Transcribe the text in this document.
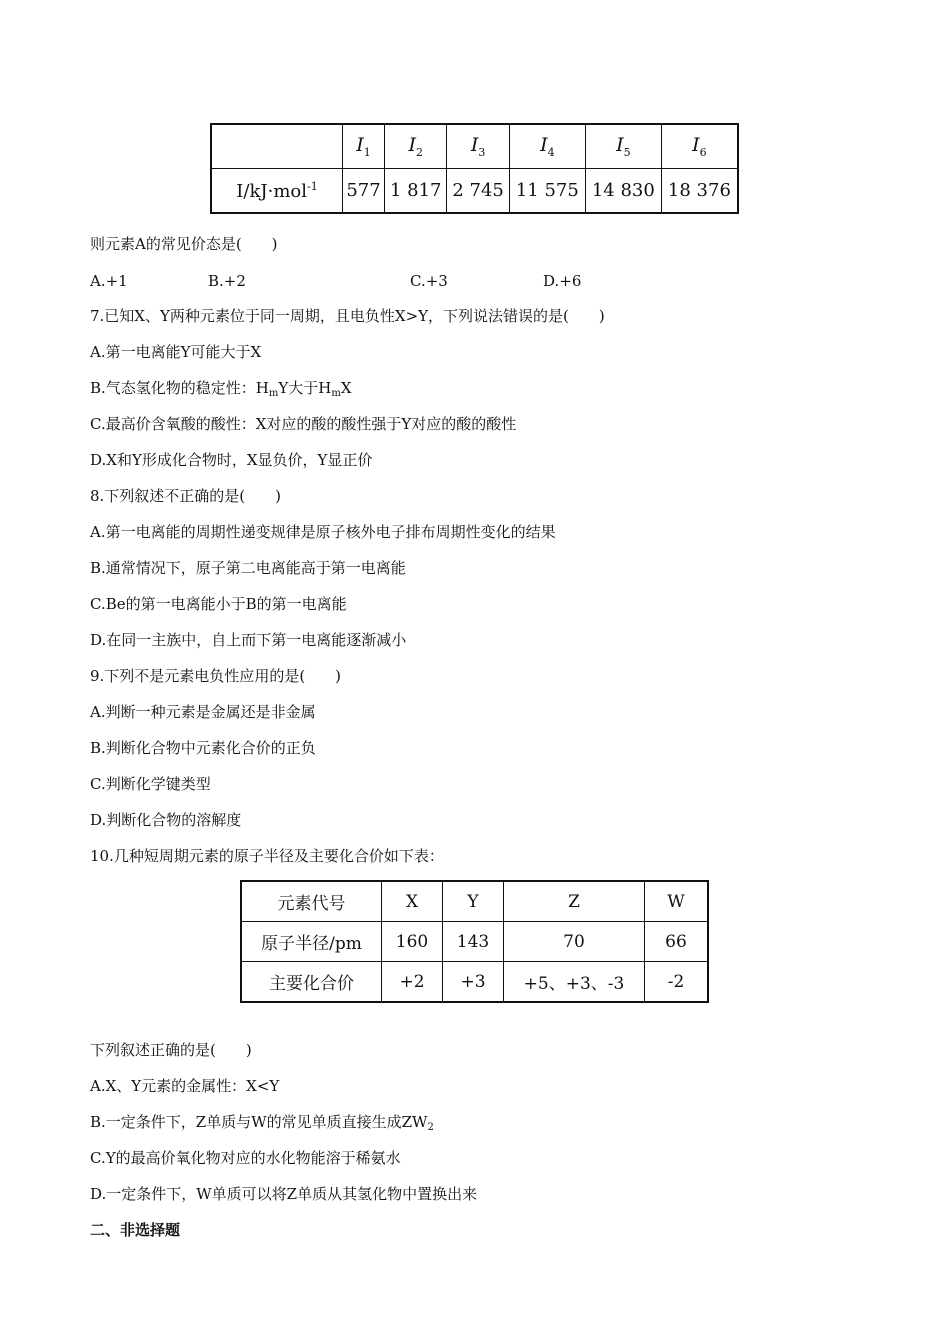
	$I_1$	$I_2$	$I_3$	$I_4$	$I_5$	$I_6$
I/kJ·mol$^{-1}$	577	1 817	2 745	11 575	14 830	18 376
则元素A的常见价态是(　　)
A.+1	B.+2	C.+3	D.+6
7.已知X、Y两种元素位于同一周期，且电负性X>Y，下列说法错误的是(　　)
A.第一电离能Y可能大于X
B.气态氢化物的稳定性：$H_mY$大于$H_mX$
C.最高价含氧酸的酸性：X对应的酸的酸性强于Y对应的酸的酸性
D.X和Y形成化合物时，X显负价，Y显正价
8.下列叙述不正确的是(　　)
A.第一电离能的周期性递变规律是原子核外电子排布周期性变化的结果
B.通常情况下，原子第二电离能高于第一电离能
C.Be的第一电离能小于B的第一电离能
D.在同一主族中，自上而下第一电离能逐渐减小
9.下列不是元素电负性应用的是(　　)
A.判断一种元素是金属还是非金属
B.判断化合物中元素化合价的正负
C.判断化学键类型
D.判断化合物的溶解度
10.几种短周期元素的原子半径及主要化合价如下表：
元素代号	X	Y	Z	W
原子半径/pm	160	143	70	66
主要化合价	+2	+3	+5、+3、-3	-2
下列叙述正确的是(　　)
A.X、Y元素的金属性：X<Y
B.一定条件下，Z单质与W的常见单质直接生成$ZW_2$
C.Y的最高价氧化物对应的水化物能溶于稀氨水
D.一定条件下，W单质可以将Z单质从其氢化物中置换出来
二、非选择题
